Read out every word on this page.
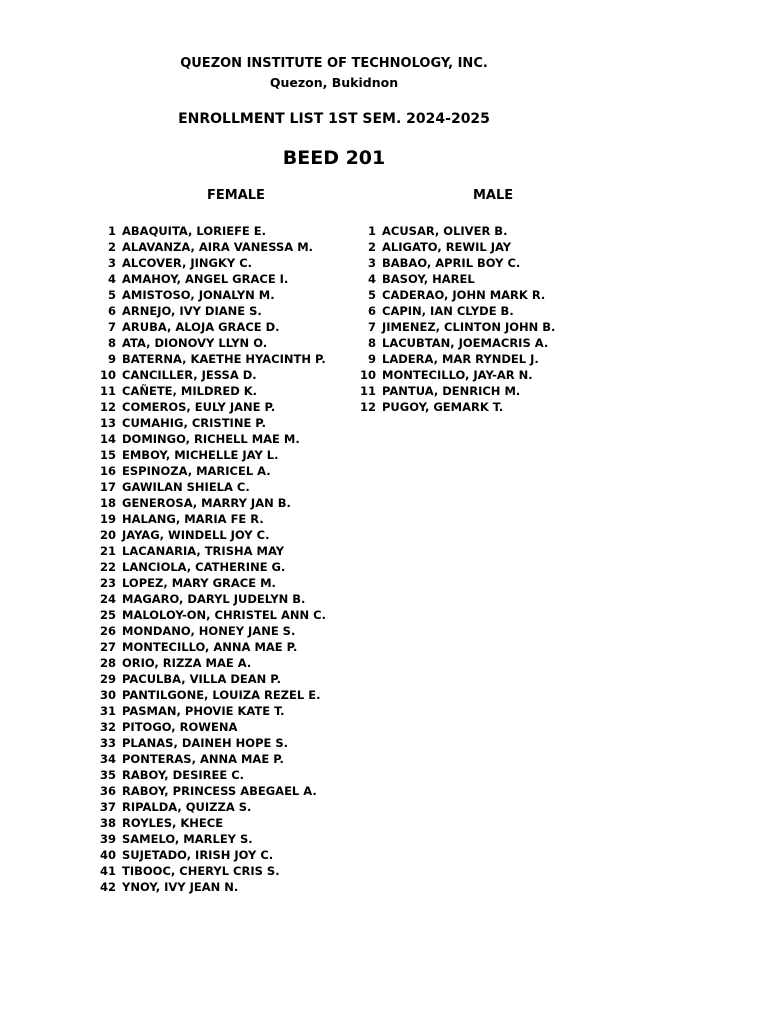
QUEZON INSTITUTE OF TECHNOLOGY, INC.
Quezon, Bukidnon
ENROLLMENT LIST 1ST SEM. 2024-2025
BEED 201
FEMALE	MALE
1 ABAQUITA, LORIEFE E.
2 ALAVANZA, AIRA VANESSA M.
3 ALCOVER, JINGKY C.
4 AMAHOY, ANGEL GRACE I.
5 AMISTOSO, JONALYN M.
6 ARNEJO, IVY DIANE S.
7 ARUBA, ALOJA GRACE D.
8 ATA, DIONOVY LLYN O.
9 BATERNA, KAETHE HYACINTH P.
10 CANCILLER, JESSA D.
11 CAÑETE, MILDRED K.
12 COMEROS, EULY JANE P.
13 CUMAHIG, CRISTINE P.
14 DOMINGO, RICHELL MAE M.
15 EMBOY, MICHELLE JAY L.
16 ESPINOZA, MARICEL A.
17 GAWILAN SHIELA C.
18 GENEROSA, MARRY JAN B.
19 HALANG, MARIA FE R.
20 JAYAG, WINDELL JOY C.
21 LACANARIA, TRISHA MAY
22 LANCIOLA, CATHERINE G.
23 LOPEZ, MARY GRACE M.
24 MAGARO, DARYL JUDELYN B.
25 MALOLOY-ON, CHRISTEL ANN C.
26 MONDANO, HONEY JANE S.
27 MONTECILLO, ANNA MAE P.
28 ORIO, RIZZA MAE A.
29 PACULBA, VILLA DEAN P.
30 PANTILGONE, LOUIZA REZEL E.
31 PASMAN, PHOVIE KATE T.
32 PITOGO, ROWENA
33 PLANAS, DAINEH HOPE S.
34 PONTERAS, ANNA MAE P.
35 RABOY, DESIREE C.
36 RABOY, PRINCESS ABEGAEL A.
37 RIPALDA, QUIZZA S.
38 ROYLES, KHECE
39 SAMELO, MARLEY S.
40 SUJETADO, IRISH JOY C.
41 TIBOOC, CHERYL CRIS S.
42 YNOY, IVY JEAN N.
1 ACUSAR, OLIVER B.
2 ALIGATO, REWIL JAY
3 BABAO, APRIL BOY C.
4 BASOY, HAREL
5 CADERAO, JOHN MARK R.
6 CAPIN, IAN CLYDE B.
7 JIMENEZ, CLINTON JOHN B.
8 LACUBTAN, JOEMACRIS A.
9 LADERA, MAR RYNDEL J.
10 MONTECILLO, JAY-AR N.
11 PANTUA, DENRICH M.
12 PUGOY, GEMARK T.
